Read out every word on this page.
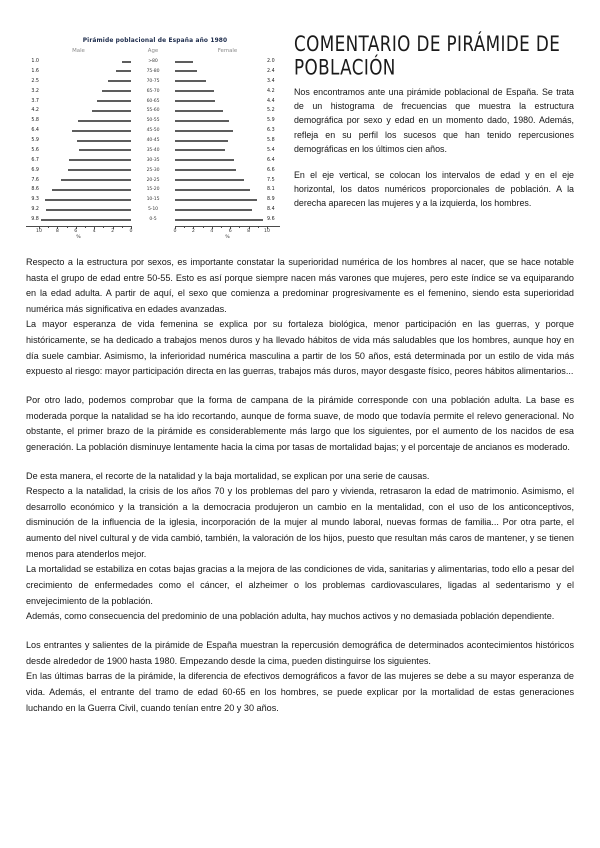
Pirámide poblacional de España año 1980
Male	Age	Female
1.0	>80	2.0
1.6	75-80	2.4
2.5	70-75	3.4
3.2	65-70	4.2
3.7	60-65	4.4
4.2	55-60	5.2
5.8	50-55	5.9
6.4	45-50	6.3
5.9	40-45	5.8
5.6	35-40	5.4
6.7	30-35	6.4
6.9	25-30	6.6
7.6	20-25	7.5
8.6	15-20	8.1
9.3	10-15	8.9
9.2	5-10	8.4
9.8	0-5	9.6
10	8	6	4	2	0
%
0	2	4	6	8	10
%
COMENTARIO DE PIRÁMIDE DE POBLACIÓN

Nos encontramos ante una pirámide poblacional de España. Se trata de un histograma de frecuencias que muestra la estructura demográfica por sexo y edad en un momento dado, 1980. Además, refleja en su perfil los sucesos que han tenido repercusiones demográficas en los últimos cien años.

En el eje vertical, se colocan los intervalos de edad y en el eje horizontal, los datos numéricos proporcionales de población. A la derecha aparecen las mujeres y a la izquierda, los hombres.

Respecto a la estructura por sexos, es importante constatar la superioridad numérica de los hombres al nacer, que se hace notable hasta el grupo de edad entre 50-55. Esto es así porque siempre nacen más varones que mujeres, pero este índice se va equiparando en la edad adulta. A partir de aquí, el sexo que comienza a predominar progresivamente es el femenino, siendo esta superioridad numérica más significativa en edades avanzadas.

La mayor esperanza de vida femenina se explica por su fortaleza biológica, menor participación en las guerras, y porque históricamente, se ha dedicado a trabajos menos duros y ha llevado hábitos de vida más saludables que los hombres, aunque hoy en día suele cambiar. Asimismo, la inferioridad numérica masculina a partir de los 50 años, está determinada por un estilo de vida más expuesto al riesgo: mayor participación directa en las guerras, trabajos más duros, mayor desgaste físico, peores hábitos alimentarios...

Por otro lado, podemos comprobar que la forma de campana de la pirámide corresponde con una población adulta. La base es moderada porque la natalidad se ha ido recortando, aunque de forma suave, de modo que todavía permite el relevo generacional. No obstante, el primer brazo de la pirámide es considerablemente más largo que los siguientes, por el aumento de los nacidos de esa generación. La población disminuye lentamente hacia la cima por tasas de mortalidad bajas; y el porcentaje de ancianos es moderado.

De esta manera, el recorte de la natalidad y la baja mortalidad, se explican por una serie de causas.

Respecto a la natalidad, la crisis de los años 70 y los problemas del paro y vivienda, retrasaron la edad de matrimonio. Asimismo, el desarrollo económico y la transición a la democracia produjeron un cambio en la mentalidad, con el uso de los anticonceptivos, disminución de la influencia de la iglesia, incorporación de la mujer al mundo laboral, nuevas formas de familia... Por otra parte, el aumento del nivel cultural y de vida cambió, también, la valoración de los hijos, puesto que resultan más caros de mantener, y se tienen menos para atenderlos mejor.

La mortalidad se estabiliza en cotas bajas gracias a la mejora de las condiciones de vida, sanitarias y alimentarias, todo ello a pesar del crecimiento de enfermedades como el cáncer, el alzheimer o los problemas cardiovasculares, ligadas al sedentarismo y el envejecimiento de la población.

Además, como consecuencia del predominio de una población adulta, hay muchos activos y no demasiada población dependiente.

Los entrantes y salientes de la pirámide de España muestran la repercusión demográfica de determinados acontecimientos históricos desde alrededor de 1900 hasta 1980. Empezando desde la cima, pueden distinguirse los siguientes.

En las últimas barras de la pirámide, la diferencia de efectivos demográficos a favor de las mujeres se debe a su mayor esperanza de vida. Además, el entrante del tramo de edad 60-65 en los hombres, se puede explicar por la mortalidad de estas generaciones luchando en la Guerra Civil, cuando tenían entre 20 y 30 años.
